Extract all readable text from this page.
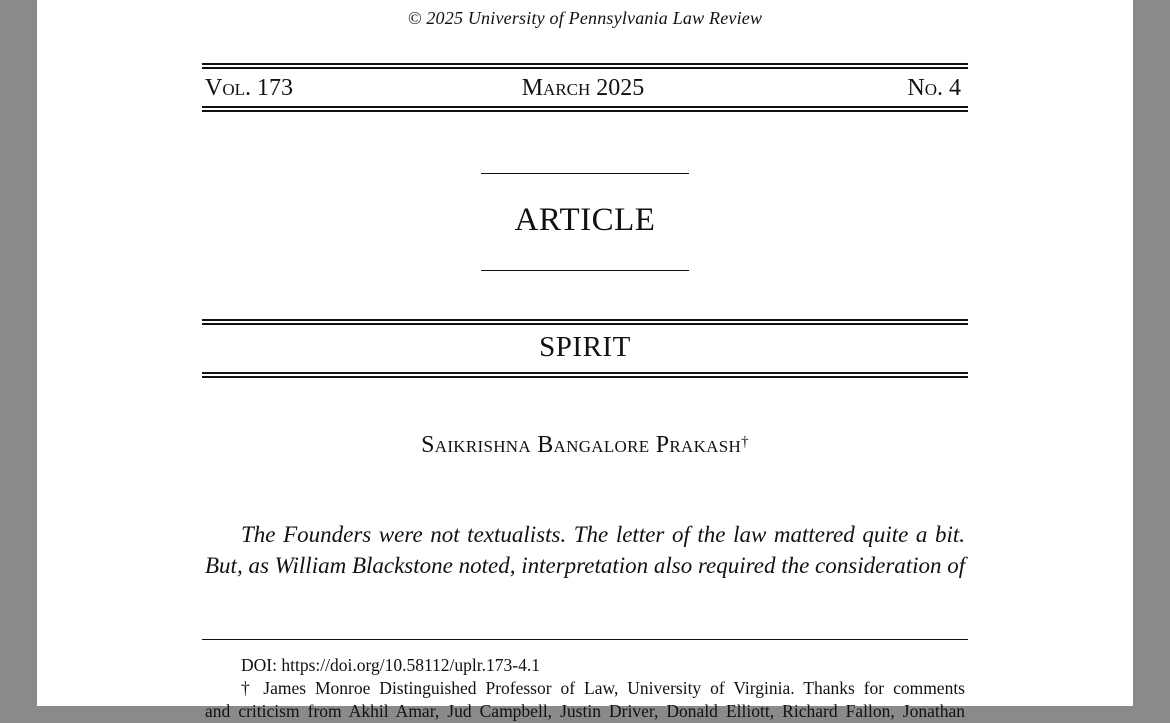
© 2025 University of Pennsylvania Law Review
Vol. 173	March 2025	No. 4
ARTICLE
SPIRIT
Saikrishna Bangalore Prakash†
The Founders were not textualists. The letter of the law mattered quite a bit.
But, as William Blackstone noted, interpretation also required the consideration of
DOI: https://doi.org/10.58112/uplr.173-4.1
† James Monroe Distinguished Professor of Law, University of Virginia. Thanks for comments
and criticism from Akhil Amar, Jud Campbell, Justin Driver, Donald Elliott, Richard Fallon, Jonathan
